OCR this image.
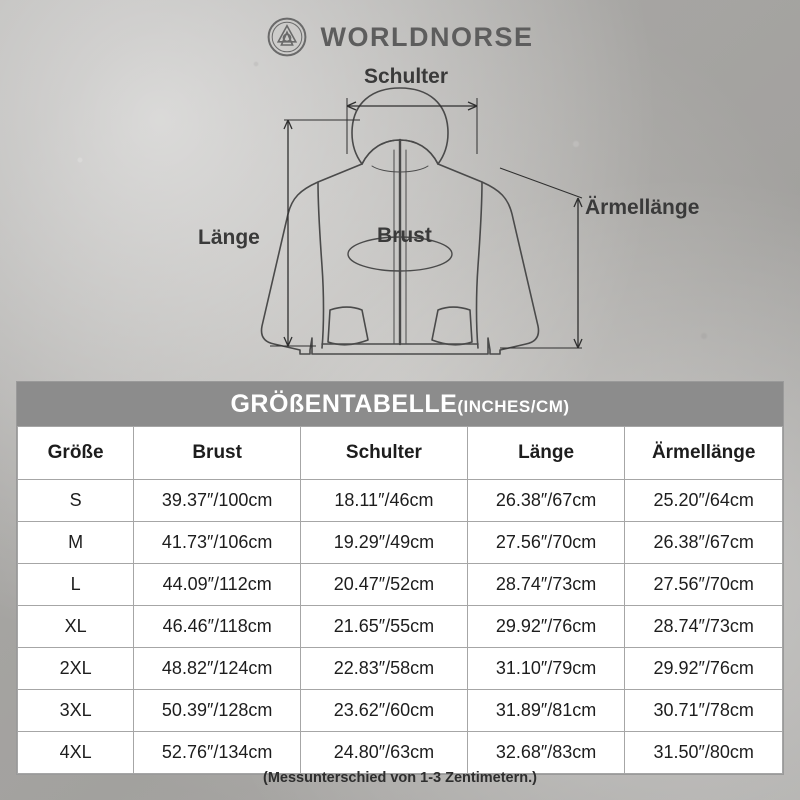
WORLDNORSE
Schulter
Ärmellänge
Länge	Brust
GRÖßENTABELLE(INCHES/CM)
Größe	Brust	Schulter	Länge	Ärmellänge
S	39.37″/100cm	18.11″/46cm	26.38″/67cm	25.20″/64cm
M	41.73″/106cm	19.29″/49cm	27.56″/70cm	26.38″/67cm
L	44.09″/112cm	20.47″/52cm	28.74″/73cm	27.56″/70cm
XL	46.46″/118cm	21.65″/55cm	29.92″/76cm	28.74″/73cm
2XL	48.82″/124cm	22.83″/58cm	31.10″/79cm	29.92″/76cm
3XL	50.39″/128cm	23.62″/60cm	31.89″/81cm	30.71″/78cm
4XL	52.76″/134cm	24.80″/63cm	32.68″/83cm	31.50″/80cm
(Messunterschied von 1-3 Zentimetern.)
